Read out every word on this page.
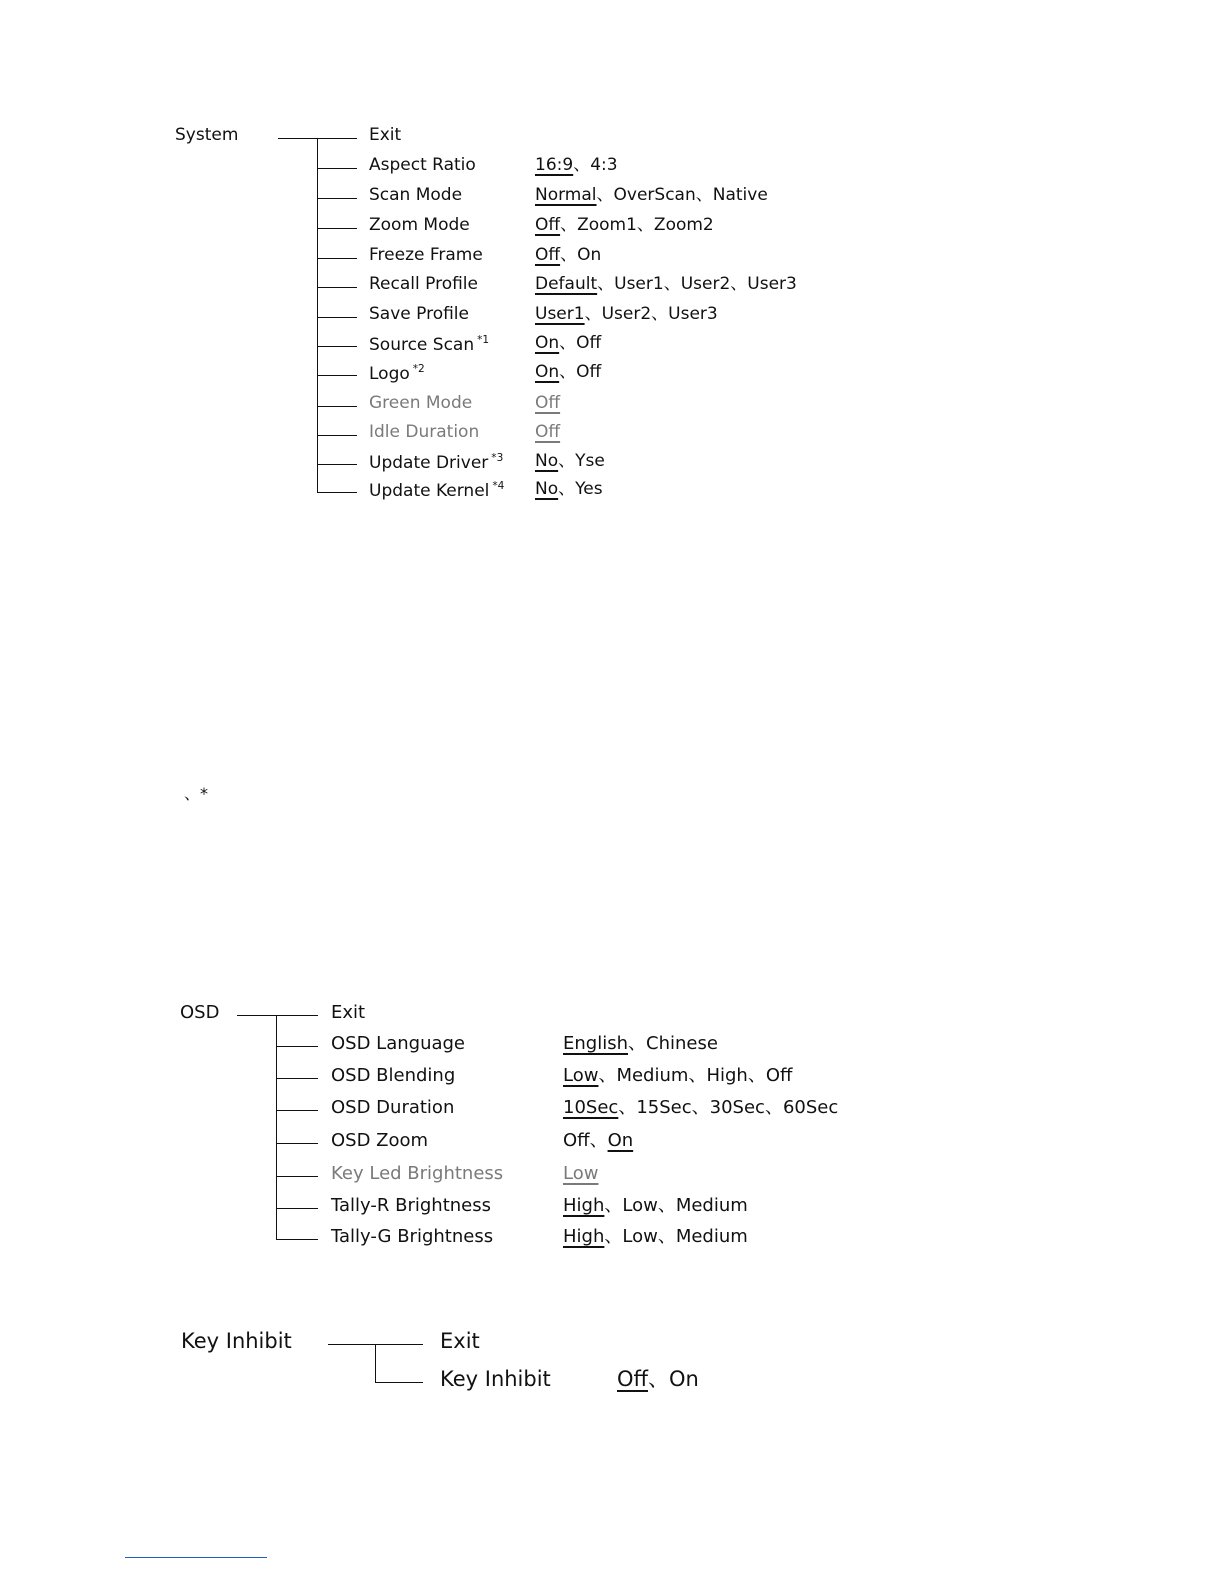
、*
System	Exit
Aspect Ratio	16:9、4:3
Scan Mode	Normal、OverScan、Native
Zoom Mode	Off、Zoom1、Zoom2
Freeze Frame	Off、On
Recall Profile	Default、User1、User2、User3
Save Profile	User1、User2、User3
Source Scan $^{*1}$	On、Off
Logo $^{*2}$	On、Off
Green Mode	Off
Idle Duration	Off
Update Driver $^{*3}$ No、Yse
Update Kernel $^{*4}$ No、Yes
OSD	Exit
OSD Language	English、Chinese
OSD Blending	Low、Medium、High、Off
OSD Duration	10Sec、15Sec、30Sec、60Sec
OSD Zoom	Off、On
Key Led Brightness	Low
Tally-R Brightness	High、Low、Medium
Tally-G Brightness	High、Low、Medium
Key Inhibit	Exit
Key Inhibit	Off、On
